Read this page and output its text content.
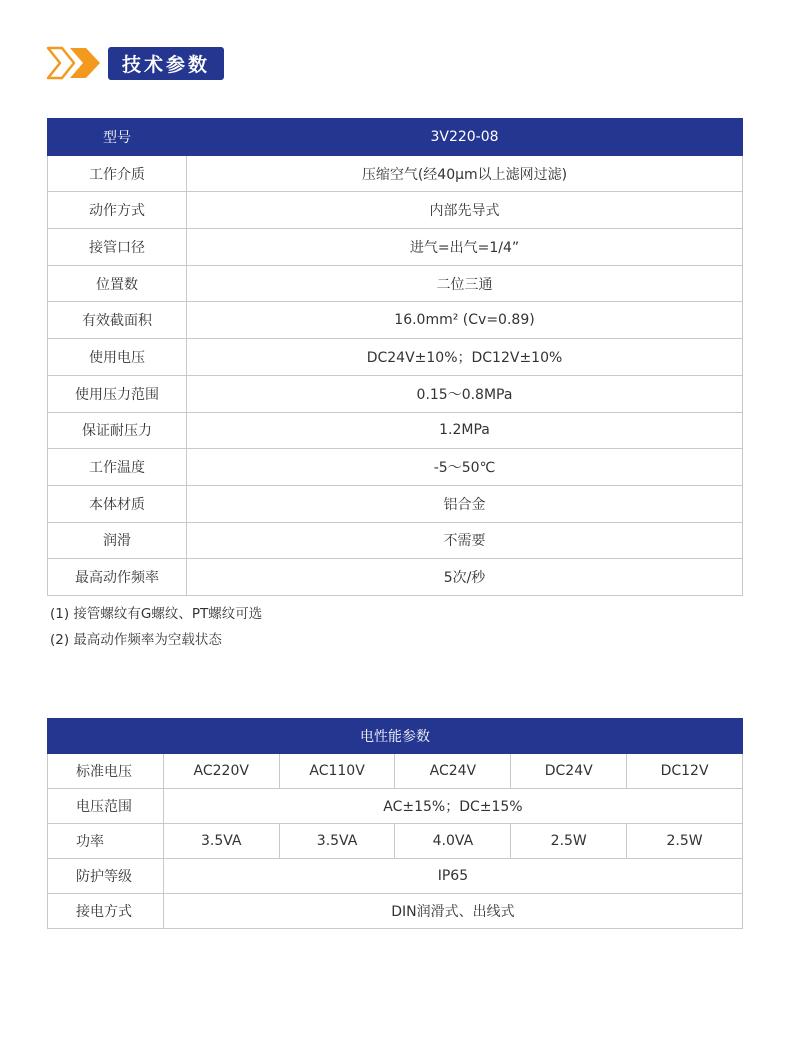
技术参数
型号	3V220-08
工作介质	压缩空气(经40μm以上滤网过滤)
动作方式	内部先导式
接管口径	进气=出气=1/4”
位置数	二位三通
有效截面积	16.0mm² (Cv=0.89)
使用电压	DC24V±10%；DC12V±10%
使用压力范围	0.15～0.8MPa
保证耐压力	1.2MPa
工作温度	-5～50℃
本体材质	铝合金
润滑	不需要
最高动作频率	5次/秒
(1) 接管螺纹有G螺纹、PT螺纹可选
(2) 最高动作频率为空载状态
电性能参数					
标准电压	AC220V	AC110V	AC24V	DC24V	DC12V
电压范围	AC±15%；DC±15%				
功率	3.5VA	3.5VA	4.0VA	2.5W	2.5W
防护等级	IP65				
接电方式	DIN润滑式、出线式				
